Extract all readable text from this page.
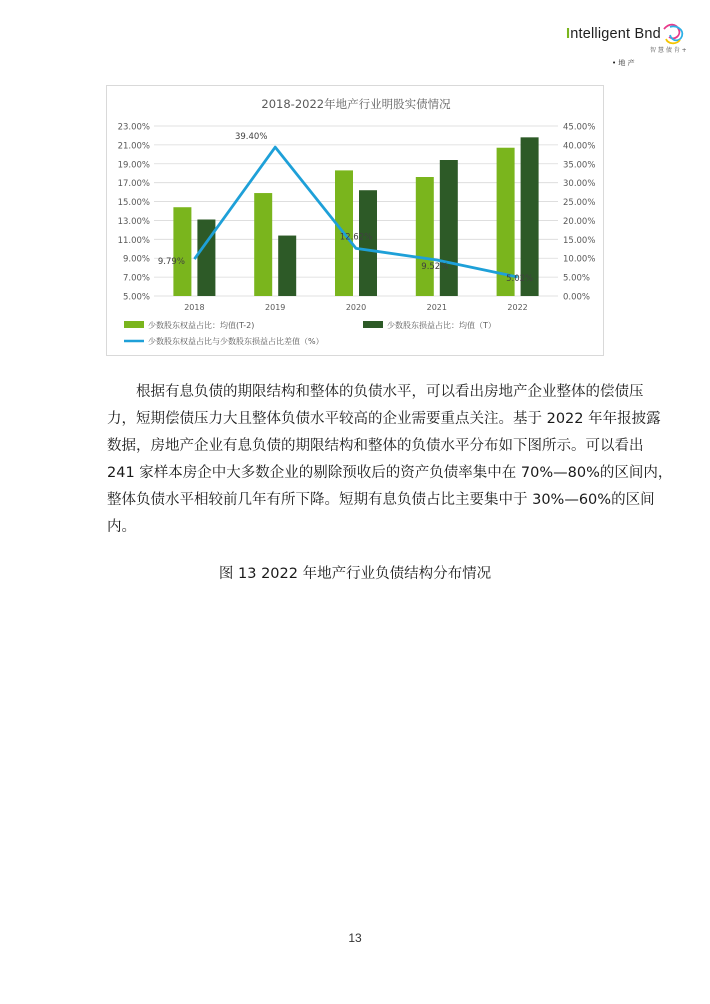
Intelligent Bnd
智 慧 债 肯 +
• 地 产
2018-2022年地产行业明股实债情况
5.00%
7.00%
9.00%
11.00%
13.00%
15.00%
17.00%
19.00%
21.00%
23.00%
0.00%
5.00%
10.00%
15.00%
20.00%
25.00%
30.00%
35.00%
40.00%
45.00%
9.79%
39.40%
12.62%
9.52%
5.02%
2018	2019	2020	2021	2022
少数股东权益占比：均值(T-2)	少数股东损益占比：均值（T）
少数股东权益占比与少数股东损益占比差值（%）
根据有息负债的期限结构和整体的负债水平，可以看出房地产企业整体的偿债压
力，短期偿债压力大且整体负债水平较高的企业需要重点关注。基于 2022 年年报披露
数据，房地产企业有息负债的期限结构和整体的负债水平分布如下图所示。可以看出
241 家样本房企中大多数企业的剔除预收后的资产负债率集中在 70%—80%的区间内，
整体负债水平相较前几年有所下降。短期有息负债占比主要集中于 30%—60%的区间
内。
图 13 2022 年地产行业负债结构分布情况
13
